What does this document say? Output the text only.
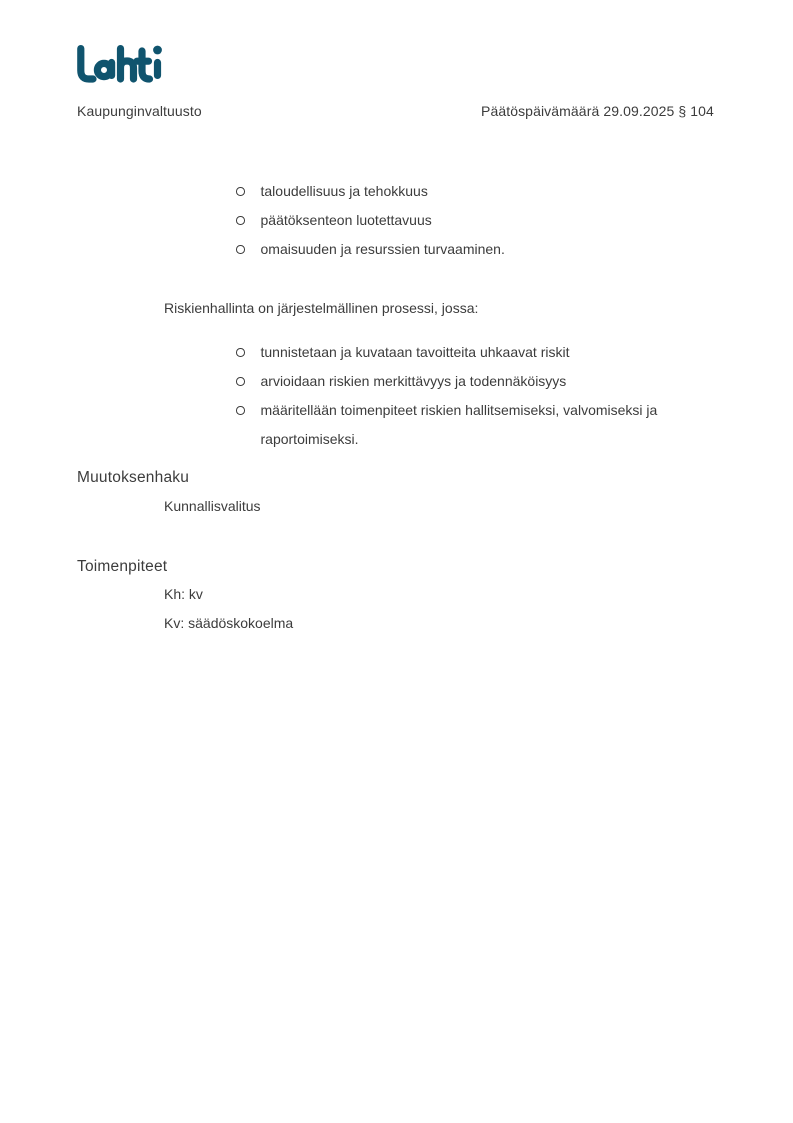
Kaupunginvaltuusto	Päätöspäivämäärä 29.09.2025 § 104
taloudellisuus ja tehokkuus
päätöksenteon luotettavuus
omaisuuden ja resurssien turvaaminen.
Riskienhallinta on järjestelmällinen prosessi, jossa:
tunnistetaan ja kuvataan tavoitteita uhkaavat riskit
arvioidaan riskien merkittävyys ja todennäköisyys
määritellään toimenpiteet riskien hallitsemiseksi, valvomiseksi ja raportoimiseksi.
Muutoksenhaku
Kunnallisvalitus
Toimenpiteet
Kh: kv
Kv: säädöskokoelma
